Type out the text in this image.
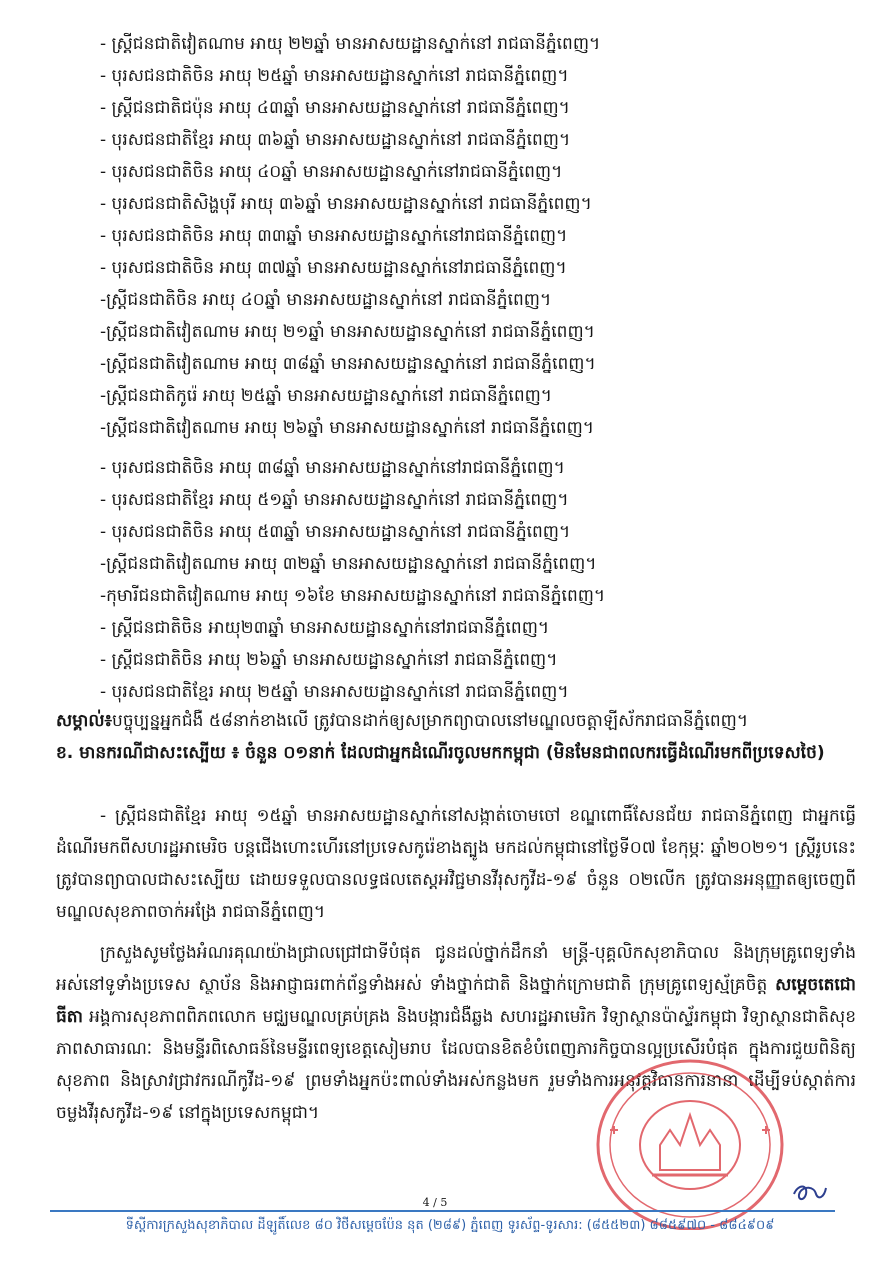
- ស្ត្រីជនជាតិវៀតណាម អាយុ ២២ឆ្នាំ មានអាសយដ្ឋានស្នាក់នៅ រាជធានីភ្នំពេញ។
- បុរសជនជាតិចិន អាយុ ២៥ឆ្នាំ មានអាសយដ្ឋានស្នាក់នៅ រាជធានីភ្នំពេញ។
- ស្ត្រីជនជាតិជប៉ុន អាយុ ៤៣ឆ្នាំ មានអាសយដ្ឋានស្នាក់នៅ រាជធានីភ្នំពេញ។
- បុរសជនជាតិខ្មែរ អាយុ ៣៦ឆ្នាំ មានអាសយដ្ឋានស្នាក់នៅ រាជធានីភ្នំពេញ។
- បុរសជនជាតិចិន អាយុ ៤០ឆ្នាំ មានអាសយដ្ឋានស្នាក់នៅរាជធានីភ្នំពេញ។
- បុរសជនជាតិសិង្ហបុរី អាយុ ៣៦ឆ្នាំ មានអាសយដ្ឋានស្នាក់នៅ រាជធានីភ្នំពេញ។
- បុរសជនជាតិចិន អាយុ ៣៣ឆ្នាំ មានអាសយដ្ឋានស្នាក់នៅរាជធានីភ្នំពេញ។
- បុរសជនជាតិចិន អាយុ ៣៧ឆ្នាំ មានអាសយដ្ឋានស្នាក់នៅរាជធានីភ្នំពេញ។
-ស្ត្រីជនជាតិចិន អាយុ ៤០ឆ្នាំ មានអាសយដ្ឋានស្នាក់នៅ រាជធានីភ្នំពេញ។
-ស្ត្រីជនជាតិវៀតណាម អាយុ ២១ឆ្នាំ មានអាសយដ្ឋានស្នាក់នៅ រាជធានីភ្នំពេញ។
-ស្ត្រីជនជាតិវៀតណាម អាយុ ៣៨ឆ្នាំ មានអាសយដ្ឋានស្នាក់នៅ រាជធានីភ្នំពេញ។
-ស្ត្រីជនជាតិកូរ៉េ អាយុ ២៥ឆ្នាំ មានអាសយដ្ឋានស្នាក់នៅ រាជធានីភ្នំពេញ។
-ស្ត្រីជនជាតិវៀតណាម អាយុ ២៦ឆ្នាំ មានអាសយដ្ឋានស្នាក់នៅ រាជធានីភ្នំពេញ។
- បុរសជនជាតិចិន អាយុ ៣៨ឆ្នាំ មានអាសយដ្ឋានស្នាក់នៅរាជធានីភ្នំពេញ។
- បុរសជនជាតិខ្មែរ អាយុ ៥១ឆ្នាំ មានអាសយដ្ឋានស្នាក់នៅ រាជធានីភ្នំពេញ។
- បុរសជនជាតិចិន អាយុ ៥៣ឆ្នាំ មានអាសយដ្ឋានស្នាក់នៅ រាជធានីភ្នំពេញ។
-ស្ត្រីជនជាតិវៀតណាម អាយុ ៣២ឆ្នាំ មានអាសយដ្ឋានស្នាក់នៅ រាជធានីភ្នំពេញ។
-កុមារីជនជាតិវៀតណាម អាយុ ១៦ខែ មានអាសយដ្ឋានស្នាក់នៅ រាជធានីភ្នំពេញ។
- ស្ត្រីជនជាតិចិន អាយុ២៣ឆ្នាំ មានអាសយដ្ឋានស្នាក់នៅរាជធានីភ្នំពេញ។
- ស្ត្រីជនជាតិចិន អាយុ ២៦ឆ្នាំ មានអាសយដ្ឋានស្នាក់នៅ រាជធានីភ្នំពេញ។
- បុរសជនជាតិខ្មែរ អាយុ ២៥ឆ្នាំ មានអាសយដ្ឋានស្នាក់នៅ រាជធានីភ្នំពេញ។
សម្គាល់៖បច្ចុប្បន្នអ្នកជំងឺ ៥៨នាក់ខាងលើ ត្រូវបានដាក់ឲ្យសម្រាកព្យាបាលនៅមណ្ឌលចត្តាឡីស័ករាជធានីភ្នំពេញ។
ខ. មានករណីជាសះស្បើយ ៖ ចំនួន ០១នាក់ ដែលជាអ្នកដំណើរចូលមកកម្ពុជា (មិនមែនជាពលករធ្វើដំណើរមកពីប្រទេសថៃ)
- ស្ត្រីជនជាតិខ្មែរ អាយុ ១៥ឆ្នាំ មានអាសយដ្ឋានស្នាក់នៅសង្កាត់ចោមចៅ ខណ្ឌពោធិ៍សែនជ័យ រាជធានីភ្នំពេញ ជាអ្នកធ្វើដំណើរមកពីសហរដ្ឋអាមេរិច បន្តជើងហោះហើរនៅប្រទេសកូរ៉េខាងត្បូង មកដល់កម្ពុជានៅថ្ងៃទី០៧ ខែកុម្ភៈ ឆ្នាំ២០២១។ ស្ត្រីរូបនេះត្រូវបានព្យាបាលជាសះស្បើយ ដោយទទួលបានលទ្ធផលតេស្តអវិជ្ជមានវីរុសកូវីដ-១៩ ចំនួន ០២លើក ត្រូវបានអនុញ្ញាតឲ្យចេញពីមណ្ឌលសុខភាពចាក់អង្រែ រាជធានីភ្នំពេញ។
ក្រសួងសូមថ្លែងអំណរគុណយ៉ាងជ្រាលជ្រៅជាទីបំផុត ជូនដល់ថ្នាក់ដឹកនាំ មន្ត្រី-បុគ្គលិកសុខាភិបាល និងក្រុមគ្រូពេទ្យទាំងអស់នៅទូទាំងប្រទេស ស្ថាប័ន និងអាជ្ញាធរពាក់ព័ន្ធទាំងអស់ ទាំងថ្នាក់ជាតិ និងថ្នាក់ក្រោមជាតិ ក្រុមគ្រូពេទ្យស្ម័គ្រចិត្ត សម្ដេចតេជោ ធីតា អង្គការសុខភាពពិភពលោក មជ្ឈមណ្ឌលគ្រប់គ្រង និងបង្ការជំងឺឆ្លង សហរដ្ឋអាមេរិក វិទ្យាស្ថានប៉ាស្ទ័រកម្ពុជា វិទ្យាស្ថានជាតិសុខភាពសាធារណៈ និងមន្ទីរពិសោធន៍នៃមន្ទីរពេទ្យខេត្តសៀមរាប ដែលបានខិតខំបំពេញភារកិច្ចបានល្អប្រសើរបំផុត ក្នុងការជួយពិនិត្យសុខភាព និងស្រាវជ្រាវករណីកូវីដ-១៩ ព្រមទាំងអ្នកប៉ះពាល់ទាំងអស់កន្លងមក រួមទាំងការអនុវត្តវិធានការនានា ដើម្បីទប់ស្កាត់ការចម្លងវីរុសកូវីដ-១៩ នៅក្នុងប្រទេសកម្ពុជា។
4 / 5
ទីស្តីការក្រសួងសុខាភិបាល ដីឡូតិ៍លេខ ៨០ វិថីសម្ដេចប៉ែន នុត (២៨៩) ភ្នំពេញ ទូរស័ព្ទ-ទូរសារ: (៨៥៥២៣) ៨៨៥៩៧០ - ៨៨៤៩០៩
